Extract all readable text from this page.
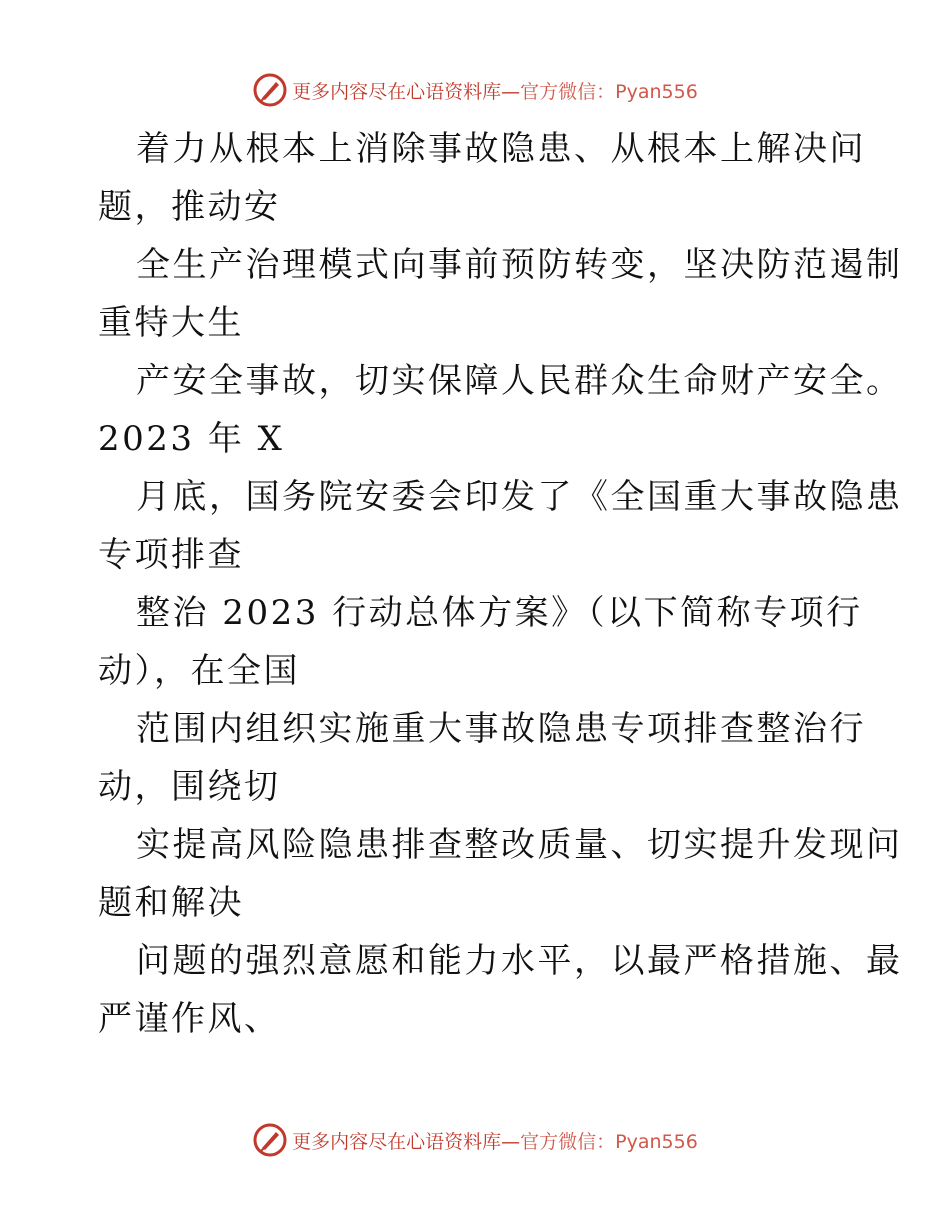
更多内容尽在心语资料库— 官方微信：Pyan556
着力从根本上消除事故隐患、从根本上解决问
题，推动安
全生产治理模式向事前预防转变，坚决防范遏制
重特大生
产安全事故，切实保障人民群众生命财产安全。
2023 年 X
月底，国务院安委会印发了《全国重大事故隐患
专项排查
整治 2023 行动总体方案》（以下简称专项行
动），在全国
范围内组织实施重大事故隐患专项排查整治行
动，围绕切
实提高风险隐患排查整改质量、切实提升发现问
题和解决
问题的强烈意愿和能力水平，以最严格措施、最
严谨作风、
更多内容尽在心语资料库— 官方微信：Pyan556
